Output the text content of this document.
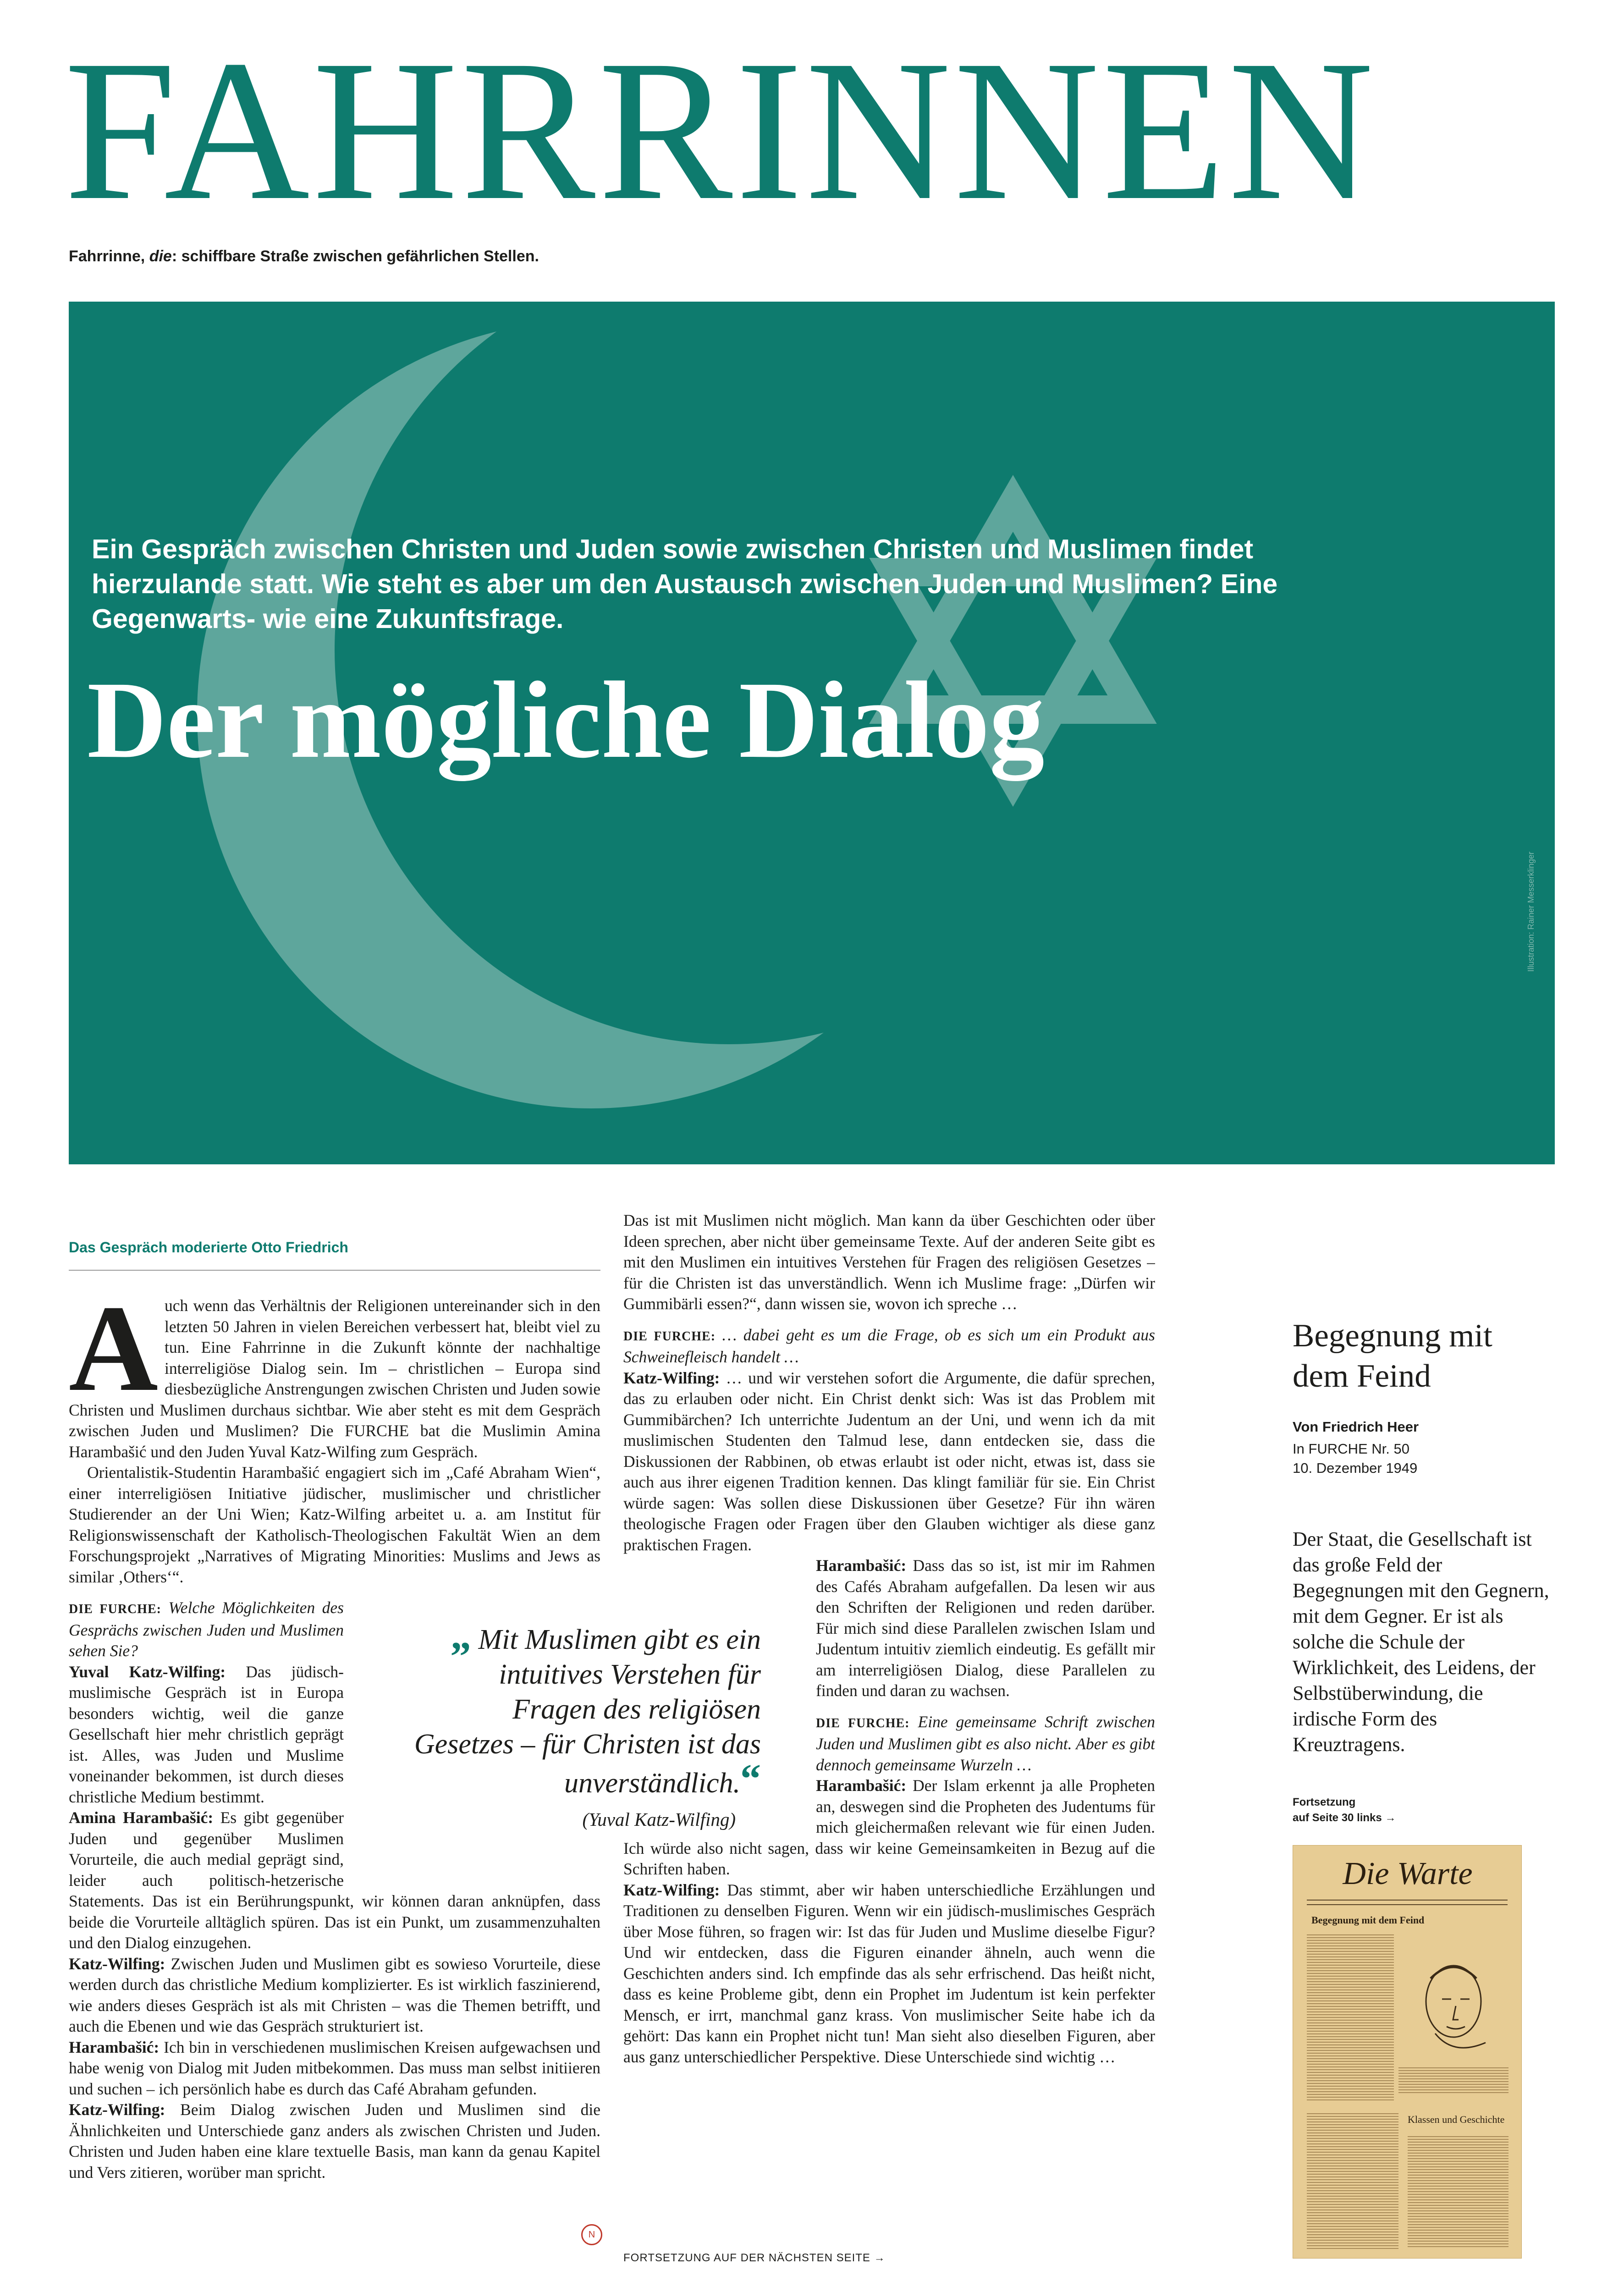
FAHRRINNEN
Fahrrinne, die: schiffbare Straße zwischen gefährlichen Stellen.
Ein Gespräch zwischen Christen und Juden sowie zwischen Christen und Muslimen findet hierzulande statt. Wie steht es aber um den Austausch zwischen Juden und Muslimen? Eine Gegenwarts- wie eine Zukunftsfrage.
Der mögliche Dialog
Illustration: Rainer Messerklinger
Das Gespräch moderierte Otto Friedrich

Auch wenn das Verhältnis der Religionen untereinander sich in den letzten 50 Jahren in vielen Bereichen verbessert hat, bleibt viel zu tun. Eine Fahrrinne in die Zukunft könnte der nachhaltige interreligiöse Dialog sein. Im – christlichen – Europa sind diesbezügliche Anstrengungen zwischen Christen und Juden sowie Christen und Muslimen durchaus sichtbar. Wie aber steht es mit dem Gespräch zwischen Juden und Muslimen? Die FURCHE bat die Muslimin Amina Harambašić und den Juden Yuval Katz-Wilfing zum Gespräch.

Orientalistik-Studentin Harambašić engagiert sich im „Café Abraham Wien“, einer interreligiösen Initiative jüdischer, muslimischer und christlicher Studierender an der Uni Wien; Katz-Wilfing arbeitet u. a. am Institut für Religionswissenschaft der Katholisch-Theologischen Fakultät Wien an dem Forschungsprojekt „Narratives of Migrating Minorities: Muslims and Jews as similar ‚Others‘“.

DIE FURCHE: Welche Möglichkeiten des Gesprächs zwischen Juden und Muslimen sehen Sie?

Yuval Katz-Wilfing: Das jüdisch-muslimische Gespräch ist in Europa besonders wichtig, weil die ganze Gesellschaft hier mehr christlich geprägt ist. Alles, was Juden und Muslime voneinander bekommen, ist durch dieses christliche Medium bestimmt.

Amina Harambašić: Es gibt gegenüber Juden und gegenüber Muslimen Vorurteile, die auch medial geprägt sind, leider auch politisch-hetzerische Statements. Das ist ein Berührungspunkt, wir können daran anknüpfen, dass beide die Vorurteile alltäglich spüren. Das ist ein Punkt, um zusammenzuhalten und den Dialog einzugehen.

Katz-Wilfing: Zwischen Juden und Muslimen gibt es sowieso Vorurteile, diese werden durch das christliche Medium komplizierter. Es ist wirklich faszinierend, wie anders dieses Gespräch ist als mit Christen – was die Themen betrifft, und auch die Ebenen und wie das Gespräch strukturiert ist.

Harambašić: Ich bin in verschiedenen muslimischen Kreisen aufgewachsen und habe wenig von Dialog mit Juden mitbekommen. Das muss man selbst initiieren und suchen – ich persönlich habe es durch das Café Abraham gefunden.

Katz-Wilfing: Beim Dialog zwischen Juden und Muslimen sind die Ähnlichkeiten und Unterschiede ganz anders als zwischen Christen und Juden. Christen und Juden haben eine klare textuelle Basis, man kann da genau Kapitel und Vers zitieren, worüber man spricht.

Das ist mit Muslimen nicht möglich. Man kann da über Geschichten oder über Ideen sprechen, aber nicht über gemeinsame Texte. Auf der anderen Seite gibt es mit den Muslimen ein intuitives Verstehen für Fragen des religiösen Gesetzes – für die Christen ist das unverständlich. Wenn ich Muslime frage: „Dürfen wir Gummibärli essen?“, dann wissen sie, wovon ich spreche …

DIE FURCHE: … dabei geht es um die Frage, ob es sich um ein Produkt aus Schweinefleisch handelt …

Katz-Wilfing: … und wir verstehen sofort die Argumente, die dafür sprechen, das zu erlauben oder nicht. Ein Christ denkt sich: Was ist das Problem mit Gummibärchen? Ich unterrichte Judentum an der Uni, und wenn ich da mit muslimischen Studenten den Talmud lese, dann entdecken sie, dass die Diskussionen der Rabbinen, ob etwas erlaubt ist oder nicht, etwas ist, dass sie auch aus ihrer eigenen Tradition kennen. Das klingt familiär für sie. Ein Christ würde sagen: Was sollen diese Diskussionen über Gesetze? Für ihn wären theologische Fragen oder Fragen über den Glauben wichtiger als diese ganz praktischen Fragen.

Harambašić: Dass das so ist, ist mir im Rahmen des Cafés Abraham aufgefallen. Da lesen wir aus den Schriften der Religionen und reden darüber. Für mich sind diese Parallelen zwischen Islam und Judentum intuitiv ziemlich eindeutig. Es gefällt mir am interreligiösen Dialog, diese Parallelen zu finden und daran zu wachsen.

DIE FURCHE: Eine gemeinsame Schrift zwischen Juden und Muslimen gibt es also nicht. Aber es gibt dennoch gemeinsame Wurzeln …

Harambašić: Der Islam erkennt ja alle Propheten an, deswegen sind die Propheten des Judentums für mich gleichermaßen relevant wie für einen Juden. Ich würde also nicht sagen, dass wir keine Gemeinsamkeiten in Bezug auf die Schriften haben.

Katz-Wilfing: Das stimmt, aber wir haben unterschiedliche Erzählungen und Traditionen zu denselben Figuren. Wenn wir ein jüdisch-muslimisches Gespräch über Mose führen, so fragen wir: Ist das für Juden und Muslime dieselbe Figur? Und wir entdecken, dass die Figuren einander ähneln, auch wenn die Geschichten anders sind. Ich empfinde das als sehr erfrischend. Das heißt nicht, dass es keine Probleme gibt, denn ein Prophet im Judentum ist kein perfekter Mensch, er irrt, manchmal ganz krass. Von muslimischer Seite habe ich da gehört: Das kann ein Prophet nicht tun! Man sieht also dieselben Figuren, aber aus ganz unterschiedlicher Perspektive. Diese Unterschiede sind wichtig …

„ Mit Muslimen gibt es ein intuitives Verstehen für Fragen des religiösen Gesetzes – für Christen ist das unverständlich.“
(Yuval Katz-Wilfing)
N
FORTSETZUNG AUF DER NÄCHSTEN SEITE →
Begegnung mit dem Feind
Von Friedrich Heer
In FURCHE Nr. 50
10. Dezember 1949
Der Staat, die Gesellschaft ist das große Feld der Begegnungen mit den Gegnern, mit dem Gegner. Er ist als solche die Schule der Wirklichkeit, des Leidens, der Selbstüberwindung, die irdische Form des Kreuztragens.
Fortsetzung
auf Seite 30 links →
Die Warte
Begegnung mit dem Feind
Klassen und Geschichte
